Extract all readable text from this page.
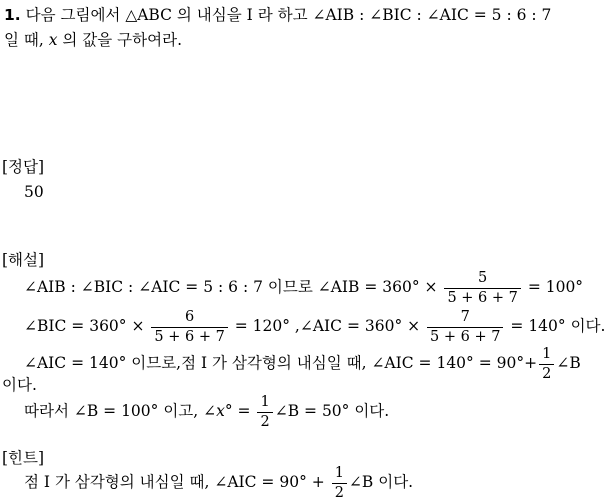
1. 다음 그림에서 △ABC 의 내심을 I 라 하고 ∠AIB : ∠BIC : ∠AIC = 5 : 6 : 7
일 때, x 의 값을 구하여라.
[정답]
50
[해설]
∠AIB : ∠BIC : ∠AIC = 5 : 6 : 7 이므로 ∠AIB = $360^\circ \times \frac{5}{5 + 6 + 7} = 100^\circ$
∠BIC = $360^\circ \times \frac{6}{5 + 6 + 7} = 120^\circ$ ,∠AIC = $360^\circ \times \frac{7}{5 + 6 + 7} = 140^\circ$ 이다.
∠AIC = 140° 이므로,점 I 가 삼각형의 내심일 때, ∠AIC = $140^\circ = 90^\circ+ \frac{1}{2}$ ∠B
이다.
따라서 ∠B = 100° 이고, ∠x° = $\frac{1}{2}$ ∠B = 50° 이다.
[힌트]
점 I 가 삼각형의 내심일 때, ∠AIC = $90^\circ + \frac{1}{2}$ ∠B 이다.
